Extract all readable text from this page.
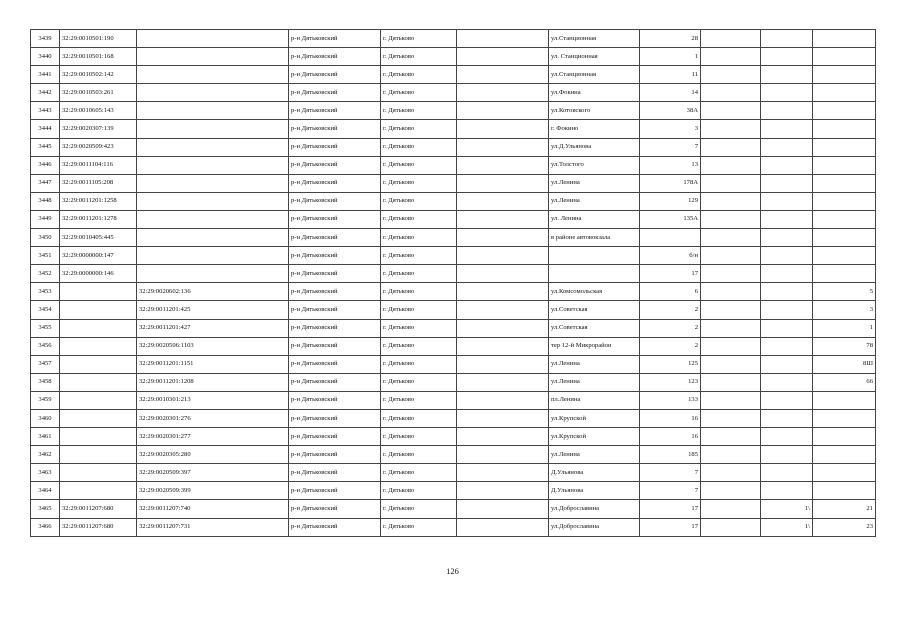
3439	32:29:0010501:190		р-н Дятьковский	г. Дятьково		ул.Станционная	28			
3440	32:29:0010501:168		р-н Дятьковский	г. Дятьково		ул. Станционная	1			
3441	32:29:0010502:142		р-н Дятьковский	г. Дятьково		ул.Станционная	11			
3442	32:29:0010503:261		р-н Дятьковский	г. Дятьково		ул.Фокина	14			
3443	32:29:0010605:143		р-н Дятьковский	г. Дятьково		ул.Котовского	38А			
3444	32:29:0020307:139		р-н Дятьковский	г. Дятьково		г. Фокино	3			
3445	32:29:0020509:423		р-н Дятьковский	г. Дятьково		ул.Д.Ульянова	7			
3446	32:29:0011104:116		р-н Дятьковский	г. Дятьково		ул.Толстого	13			
3447	32:29:0011105:208		р-н Дятьковский	г. Дятьково		ул.Ленина	178А			
3448	32:29:0011201:1258		р-н Дятьковский	г. Дятьково		ул.Ленина	129			
3449	32:29:0011201:1278		р-н Дятьковский	г. Дятьково		ул. Ленина	135А			
3450	32:29:0010405:445		р-н Дятьковский	г. Дятьково		в районе автовокзала				
3451	32:29:0000000:147		р-н Дятьковский	г. Дятьково			б/н			
3452	32:29:0000000:146		р-н Дятьковский	г. Дятьково			17			
3453		32:29:0020602:136	р-н Дятьковский	г. Дятьково		ул.Комсомольская	6			5
3454		32:29:0011201:425	р-н Дятьковский	г. Дятьково		ул.Советская	2			3
3455		32:29:0011201:427	р-н Дятьковский	г. Дятьково		ул.Советская	2			1
3456		32:29:0020506:1103	р-н Дятьковский	г. Дятьково		тер 12-й Микрорайон	2			78
3457		32:29:0011201:1151	р-н Дятьковский	г. Дятьково		ул.Ленина	125			8Ш
3458		32:29:0011201:1208	р-н Дятьковский	г. Дятьково		ул.Ленина	123			66
3459		32:29:0010301:213	р-н Дятьковский	г. Дятьково		пл.Ленина	133			
3460		32:29:0020301:276	р-н Дятьковский	г. Дятьково		ул.Крупской	16			
3461		32:29:0020301:277	р-н Дятьковский	г. Дятьково		ул.Крупской	16			
3462		32:29:0020305:280	р-н Дятьковский	г. Дятьково		ул.Ленина	185			
3463		32:29:0020509:397	р-н Дятьковский	г. Дятьково		Д.Ульянова	7			
3464		32:29:0020509:399	р-н Дятьковский	г. Дятьково		Д.Ульянова	7			
3465	32:29:0011207:680	32:29:0011207:740	р-н Дятьковский	г. Дятьково		ул.Доброславина	17		1\	21
3466	32:29:0011207:680	32:29:0011207:731	р-н Дятьковский	г. Дятьково		ул.Доброславина	17		1\	23
126
